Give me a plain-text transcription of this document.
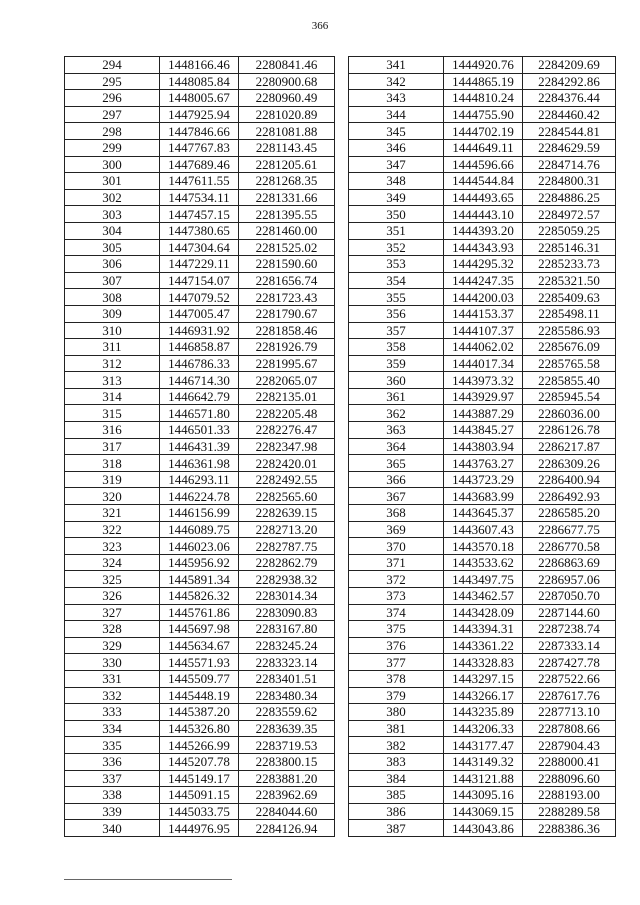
366
294	1448166.46	2280841.46
295	1448085.84	2280900.68
296	1448005.67	2280960.49
297	1447925.94	2281020.89
298	1447846.66	2281081.88
299	1447767.83	2281143.45
300	1447689.46	2281205.61
301	1447611.55	2281268.35
302	1447534.11	2281331.66
303	1447457.15	2281395.55
304	1447380.65	2281460.00
305	1447304.64	2281525.02
306	1447229.11	2281590.60
307	1447154.07	2281656.74
308	1447079.52	2281723.43
309	1447005.47	2281790.67
310	1446931.92	2281858.46
311	1446858.87	2281926.79
312	1446786.33	2281995.67
313	1446714.30	2282065.07
314	1446642.79	2282135.01
315	1446571.80	2282205.48
316	1446501.33	2282276.47
317	1446431.39	2282347.98
318	1446361.98	2282420.01
319	1446293.11	2282492.55
320	1446224.78	2282565.60
321	1446156.99	2282639.15
322	1446089.75	2282713.20
323	1446023.06	2282787.75
324	1445956.92	2282862.79
325	1445891.34	2282938.32
326	1445826.32	2283014.34
327	1445761.86	2283090.83
328	1445697.98	2283167.80
329	1445634.67	2283245.24
330	1445571.93	2283323.14
331	1445509.77	2283401.51
332	1445448.19	2283480.34
333	1445387.20	2283559.62
334	1445326.80	2283639.35
335	1445266.99	2283719.53
336	1445207.78	2283800.15
337	1445149.17	2283881.20
338	1445091.15	2283962.69
339	1445033.75	2284044.60
340	1444976.95	2284126.94
341	1444920.76	2284209.69
342	1444865.19	2284292.86
343	1444810.24	2284376.44
344	1444755.90	2284460.42
345	1444702.19	2284544.81
346	1444649.11	2284629.59
347	1444596.66	2284714.76
348	1444544.84	2284800.31
349	1444493.65	2284886.25
350	1444443.10	2284972.57
351	1444393.20	2285059.25
352	1444343.93	2285146.31
353	1444295.32	2285233.73
354	1444247.35	2285321.50
355	1444200.03	2285409.63
356	1444153.37	2285498.11
357	1444107.37	2285586.93
358	1444062.02	2285676.09
359	1444017.34	2285765.58
360	1443973.32	2285855.40
361	1443929.97	2285945.54
362	1443887.29	2286036.00
363	1443845.27	2286126.78
364	1443803.94	2286217.87
365	1443763.27	2286309.26
366	1443723.29	2286400.94
367	1443683.99	2286492.93
368	1443645.37	2286585.20
369	1443607.43	2286677.75
370	1443570.18	2286770.58
371	1443533.62	2286863.69
372	1443497.75	2286957.06
373	1443462.57	2287050.70
374	1443428.09	2287144.60
375	1443394.31	2287238.74
376	1443361.22	2287333.14
377	1443328.83	2287427.78
378	1443297.15	2287522.66
379	1443266.17	2287617.76
380	1443235.89	2287713.10
381	1443206.33	2287808.66
382	1443177.47	2287904.43
383	1443149.32	2288000.41
384	1443121.88	2288096.60
385	1443095.16	2288193.00
386	1443069.15	2288289.58
387	1443043.86	2288386.36
